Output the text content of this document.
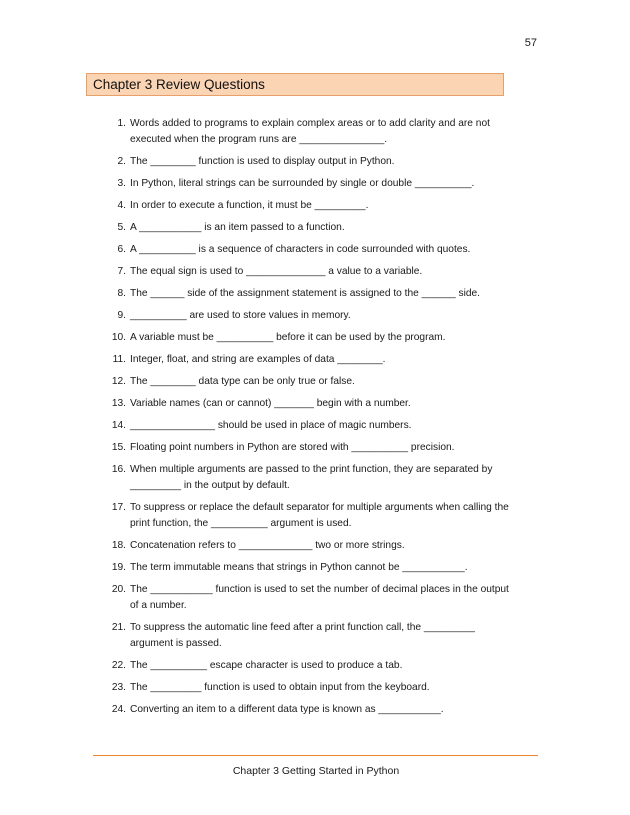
57
Chapter 3 Review Questions
1. Words added to programs to explain complex areas or to add clarity and are not executed when the program runs are _______________.
2. The ________ function is used to display output in Python.
3. In Python, literal strings can be surrounded by single or double __________.
4. In order to execute a function, it must be _________.
5. A ___________ is an item passed to a function.
6. A __________ is a sequence of characters in code surrounded with quotes.
7. The equal sign is used to ______________ a value to a variable.
8. The ______ side of the assignment statement is assigned to the ______ side.
9. __________ are used to store values in memory.
10. A variable must be __________ before it can be used by the program.
11. Integer, float, and string are examples of data ________.
12. The ________ data type can be only true or false.
13. Variable names (can or cannot) _______ begin with a number.
14. _______________ should be used in place of magic numbers.
15. Floating point numbers in Python are stored with __________ precision.
16. When multiple arguments are passed to the print function, they are separated by _________ in the output by default.
17. To suppress or replace the default separator for multiple arguments when calling the print function, the __________ argument is used.
18. Concatenation refers to _____________ two or more strings.
19. The term immutable means that strings in Python cannot be ___________.
20. The ___________ function is used to set the number of decimal places in the output of a number.
21. To suppress the automatic line feed after a print function call, the _________ argument is passed.
22. The __________ escape character is used to produce a tab.
23. The _________ function is used to obtain input from the keyboard.
24. Converting an item to a different data type is known as ___________.
Chapter 3 Getting Started in Python
